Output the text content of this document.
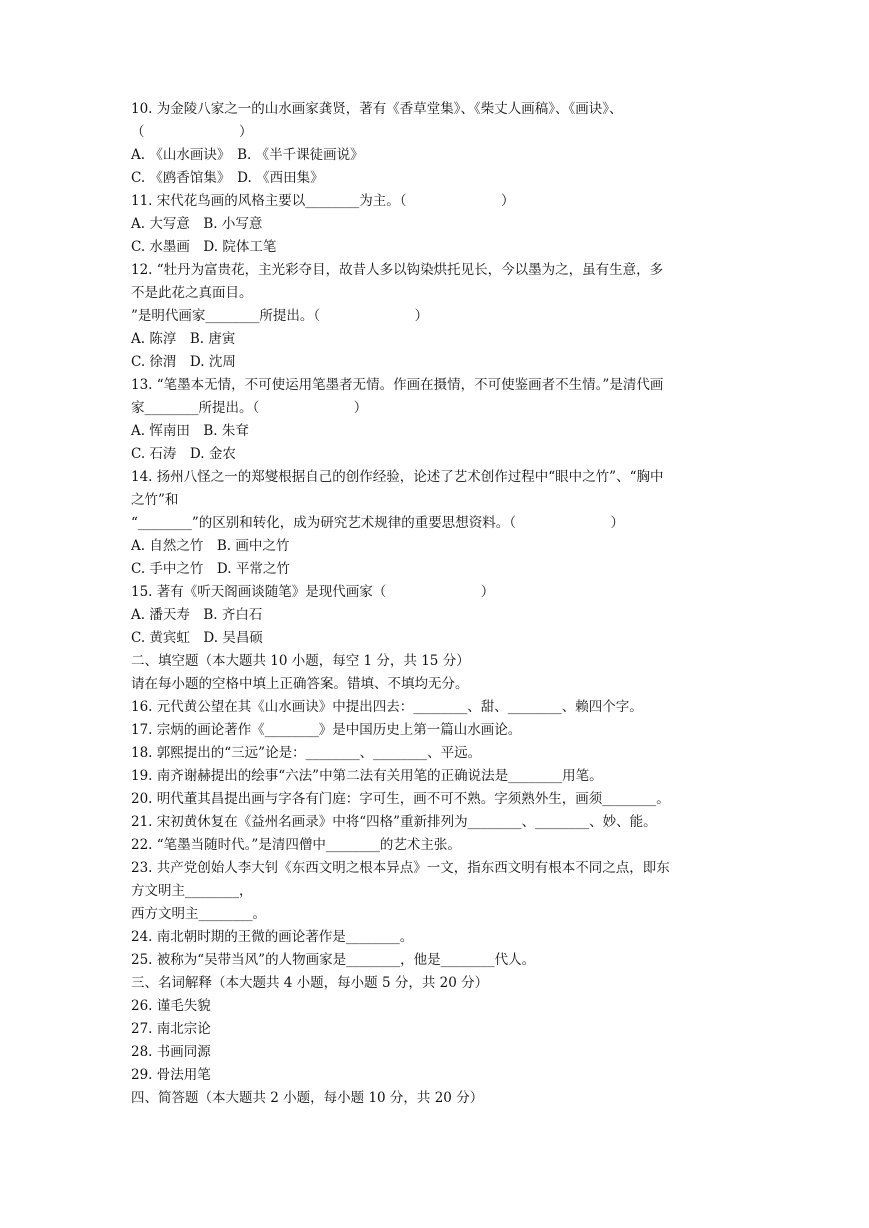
10. 为金陵八家之一的山水画家龚贤，著有《香草堂集》、《柴丈人画稿》、《画诀》、
（　　　　　　　）
A. 《山水画诀》　B. 《半千课徒画说》
C. 《鸥香馆集》　D. 《西田集》
11. 宋代花鸟画的风格主要以________为主。（　　　　　　　）
A. 大写意　B. 小写意
C. 水墨画　D. 院体工笔
12. “牡丹为富贵花，主光彩夺目，故昔人多以钩染烘托见长，今以墨为之，虽有生意，多
不是此花之真面目。
”是明代画家________所提出。（　　　　　　　）
A. 陈淳　B. 唐寅
C. 徐渭　D. 沈周
13. “笔墨本无情，不可使运用笔墨者无情。作画在摄情，不可使鉴画者不生情。”是清代画
家________所提出。（　　　　　　　）
A. 恽南田　B. 朱耷
C. 石涛　D. 金农
14. 扬州八怪之一的郑燮根据自己的创作经验，论述了艺术创作过程中“眼中之竹”、“胸中
之竹”和
“________”的区别和转化，成为研究艺术规律的重要思想资料。（　　　　　　　）
A. 自然之竹　B. 画中之竹
C. 手中之竹　D. 平常之竹
15. 著有《听天阁画谈随笔》是现代画家（　　　　　　　）
A. 潘天寿　B. 齐白石
C. 黄宾虹　D. 吴昌硕
二、填空题（本大题共 10 小题，每空 1 分，共 15 分）
请在每小题的空格中填上正确答案。错填、不填均无分。
16. 元代黄公望在其《山水画诀》中提出四去：________、甜、________、赖四个字。
17. 宗炳的画论著作《________》是中国历史上第一篇山水画论。
18. 郭熙提出的“三远”论是：________、________、平远。
19. 南齐谢赫提出的绘事“六法”中第二法有关用笔的正确说法是________用笔。
20. 明代董其昌提出画与字各有门庭：字可生，画不可不熟。字须熟外生，画须________。
21. 宋初黄休复在《益州名画录》中将“四格”重新排列为________、________、妙、能。
22. “笔墨当随时代。”是清四僧中________的艺术主张。
23. 共产党创始人李大钊《东西文明之根本异点》一文，指东西文明有根本不同之点，即东
方文明主________，
西方文明主________。
24. 南北朝时期的王微的画论著作是________。
25. 被称为“吴带当风”的人物画家是________，他是________代人。
三、名词解释（本大题共 4 小题，每小题 5 分，共 20 分）
26. 谨毛失貌
27. 南北宗论
28. 书画同源
29. 骨法用笔
四、简答题（本大题共 2 小题，每小题 10 分，共 20 分）
